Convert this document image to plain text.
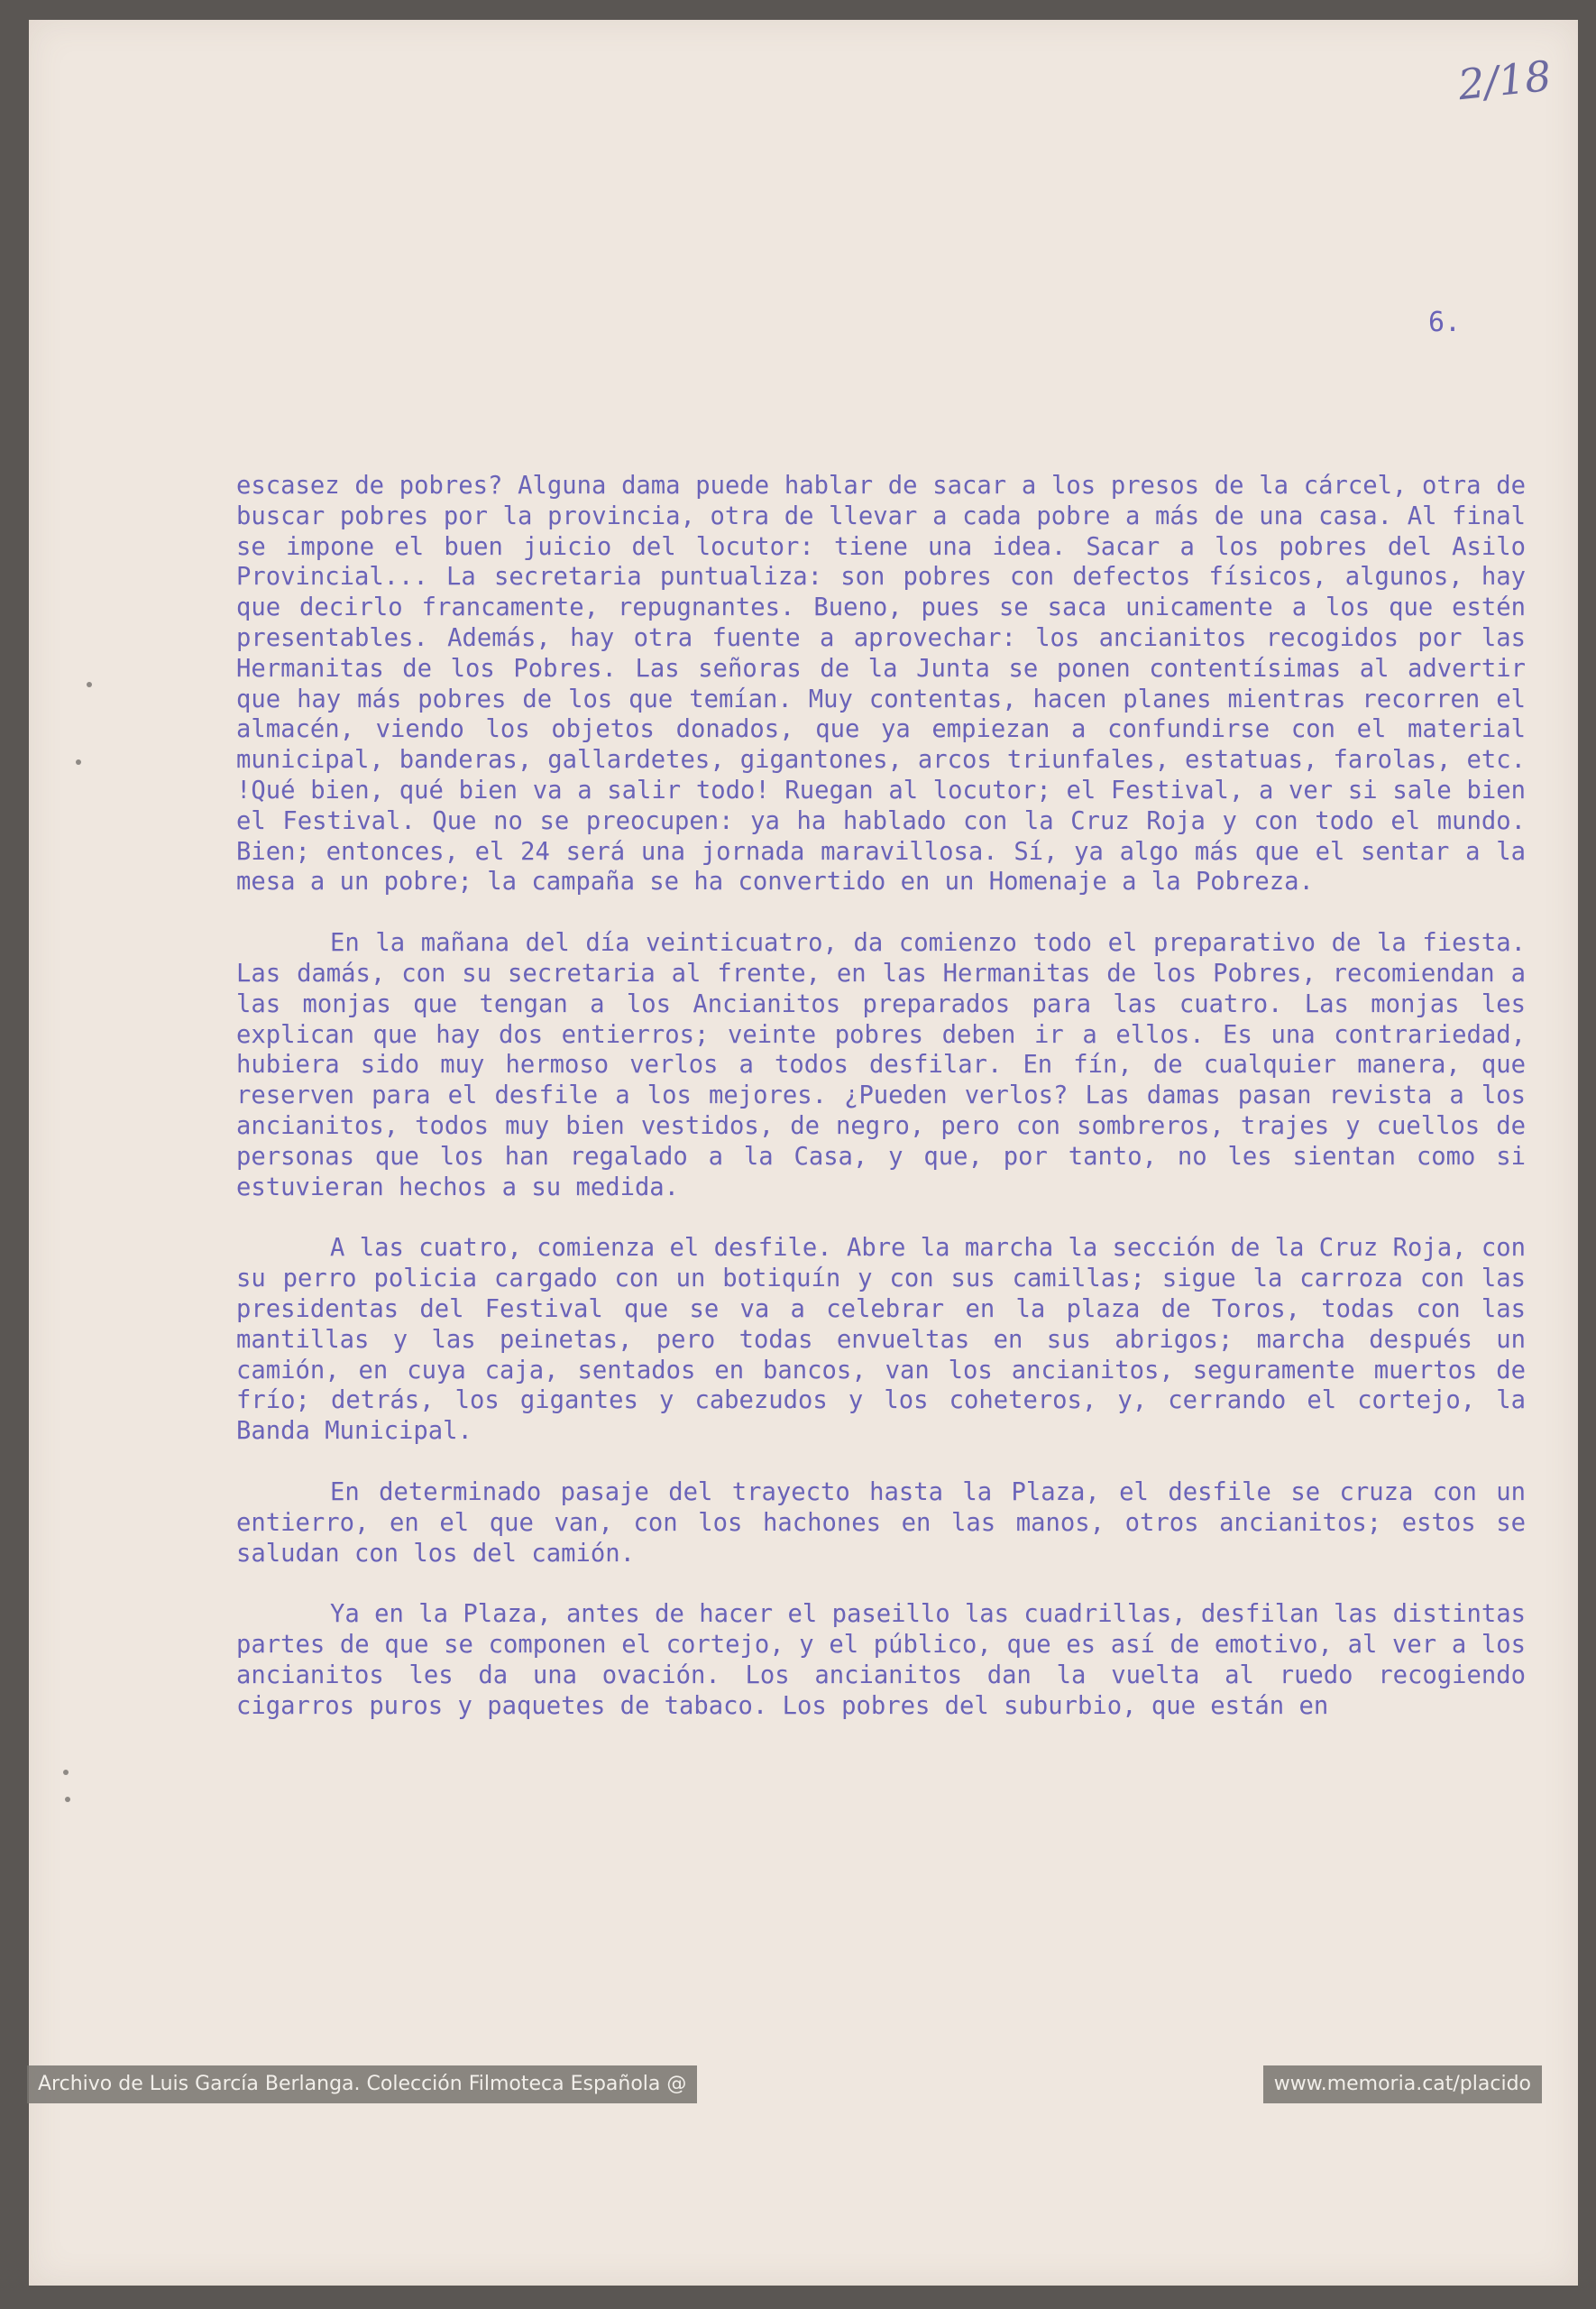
2/18
6.

escasez de pobres? Alguna dama puede hablar de sacar a los presos de la cárcel, otra de buscar pobres por la provincia, otra de llevar a cada pobre a más de una casa. Al final se impone el buen juicio del locutor: tiene una idea. Sacar a los pobres del Asilo Provincial... La secretaria puntualiza: son pobres con defectos físicos, algunos, hay que decirlo francamente, repugnantes. Bueno, pues se saca unicamente a los que estén presentables. Además, hay otra fuente a aprovechar: los ancianitos recogidos por las Hermanitas de los Pobres. Las señoras de la Junta se ponen contentísimas al advertir que hay más pobres de los que temían. Muy contentas, hacen planes mientras recorren el almacén, viendo los objetos donados, que ya empiezan a confundirse con el material municipal, banderas, gallardetes, gigantones, arcos triunfales, estatuas, farolas, etc. !Qué bien, qué bien va a salir todo! Ruegan al locutor; el Festival, a ver si sale bien el Festival. Que no se preocupen: ya ha hablado con la Cruz Roja y con todo el mundo. Bien; entonces, el 24 será una jornada maravillosa. Sí, ya algo más que el sentar a la mesa a un pobre; la campaña se ha convertido en un Homenaje a la Pobreza.

En la mañana del día veinticuatro, da comienzo todo el preparativo de la fiesta. Las damás, con su secretaria al frente, en las Hermanitas de los Pobres, recomiendan a las monjas que tengan a los Ancianitos preparados para las cuatro. Las monjas les explican que hay dos entierros; veinte pobres deben ir a ellos. Es una contrariedad, hubiera sido muy hermoso verlos a todos desfilar. En fín, de cualquier manera, que reserven para el desfile a los mejores. ¿Pueden verlos? Las damas pasan revista a los ancianitos, todos muy bien vestidos, de negro, pero con sombreros, trajes y cuellos de personas que los han regalado a la Casa, y que, por tanto, no les sientan como si estuvieran hechos a su medida.

A las cuatro, comienza el desfile. Abre la marcha la sección de la Cruz Roja, con su perro policia cargado con un botiquín y con sus camillas; sigue la carroza con las presidentas del Festival que se va a celebrar en la plaza de Toros, todas con las mantillas y las peinetas, pero todas envueltas en sus abrigos; marcha después un camión, en cuya caja, sentados en bancos, van los ancianitos, seguramente muertos de frío; detrás, los gigantes y cabezudos y los coheteros, y, cerrando el cortejo, la Banda Municipal.

En determinado pasaje del trayecto hasta la Plaza, el desfile se cruza con un entierro, en el que van, con los hachones en las manos, otros ancianitos; estos se saludan con los del camión.

Ya en la Plaza, antes de hacer el paseillo las cuadrillas, desfilan las distintas partes de que se componen el cortejo, y el público, que es así de emotivo, al ver a los ancianitos les da una ovación. Los ancianitos dan la vuelta al ruedo recogiendo cigarros puros y paquetes de tabaco. Los pobres del suburbio, que están en

Archivo de Luis García Berlanga. Colección Filmoteca Española @	www.memoria.cat/placido
